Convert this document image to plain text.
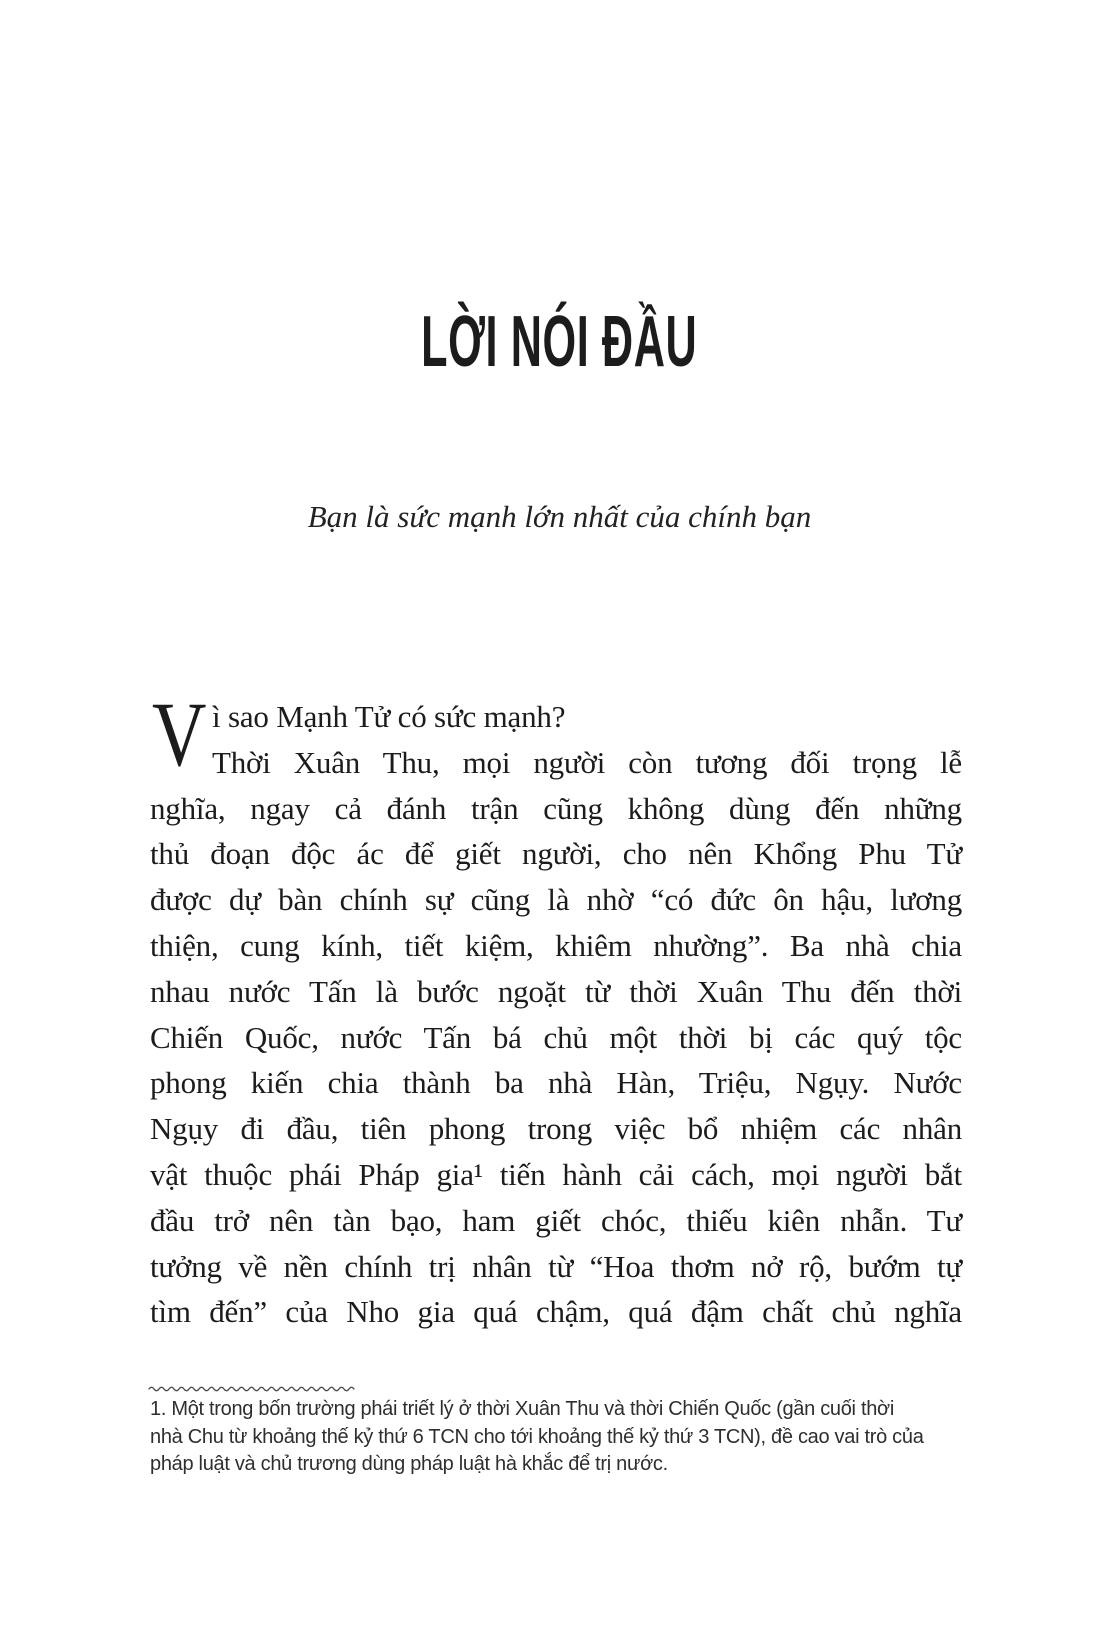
LỜI NÓI ĐẦU
Bạn là sức mạnh lớn nhất của chính bạn
V ì sao Mạnh Tử có sức mạnh?
Thời Xuân Thu, mọi người còn tương đối trọng lễ
nghĩa, ngay cả đánh trận cũng không dùng đến những
thủ đoạn độc ác để giết người, cho nên Khổng Phu Tử
được dự bàn chính sự cũng là nhờ “có đức ôn hậu, lương
thiện, cung kính, tiết kiệm, khiêm nhường”. Ba nhà chia
nhau nước Tấn là bước ngoặt từ thời Xuân Thu đến thời
Chiến Quốc, nước Tấn bá chủ một thời bị các quý tộc
phong kiến chia thành ba nhà Hàn, Triệu, Ngụy. Nước
Ngụy đi đầu, tiên phong trong việc bổ nhiệm các nhân
vật thuộc phái Pháp gia¹ tiến hành cải cách, mọi người bắt
đầu trở nên tàn bạo, ham giết chóc, thiếu kiên nhẫn. Tư
tưởng về nền chính trị nhân từ “Hoa thơm nở rộ, bướm tự
tìm đến” của Nho gia quá chậm, quá đậm chất chủ nghĩa
1. Một trong bốn trường phái triết lý ở thời Xuân Thu và thời Chiến Quốc (gần cuối thời
nhà Chu từ khoảng thế kỷ thứ 6 TCN cho tới khoảng thế kỷ thứ 3 TCN), đề cao vai trò của
pháp luật và chủ trương dùng pháp luật hà khắc để trị nước.
